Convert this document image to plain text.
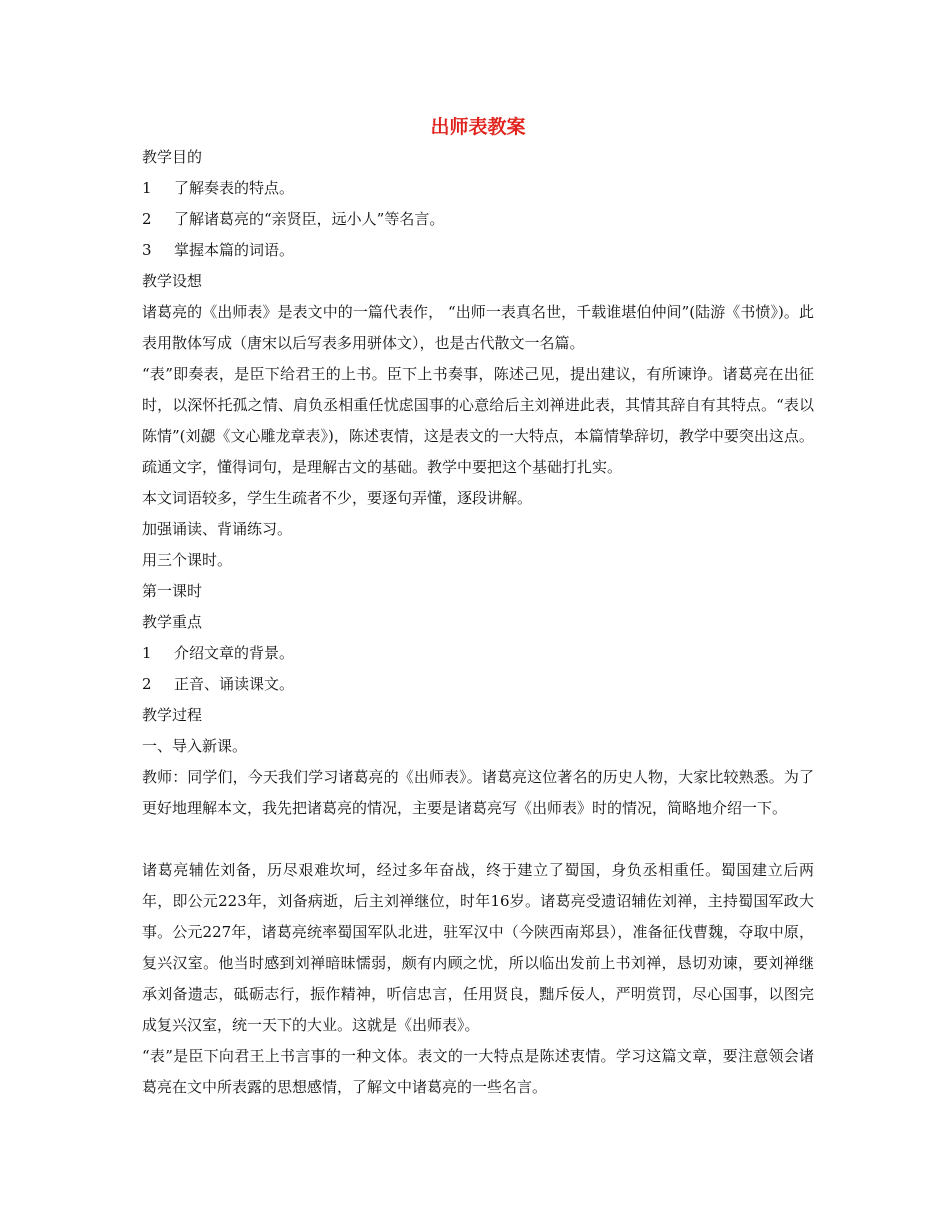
出师表教案
教学目的
1 了解奏表的特点。
2 了解诸葛亮的“亲贤臣，远小人”等名言。
3 掌握本篇的词语。
教学设想

诸葛亮的《出师表》是表文中的一篇代表作， “出师一表真名世，千载谁堪伯仲间”(陆游《书愤》)。此表用散体写成（唐宋以后写表多用骈体文），也是古代散文一名篇。

“表”即奏表，是臣下给君王的上书。臣下上书奏事，陈述己见，提出建议，有所谏诤。诸葛亮在出征时，以深怀托孤之情、肩负丞相重任忧虑国事的心意给后主刘禅进此表，其情其辞自有其特点。“表以陈情”(刘勰《文心雕龙章表》)，陈述衷情，这是表文的一大特点，本篇情挚辞切，教学中要突出这点。

疏通文字，懂得词句，是理解古文的基础。教学中要把这个基础打扎实。

本文词语较多，学生生疏者不少，要逐句弄懂，逐段讲解。

加强诵读、背诵练习。

用三个课时。

第一课时
教学重点
1 介绍文章的背景。
2 正音、诵读课文。
教学过程
一、导入新课。

教师：同学们，今天我们学习诸葛亮的《出师表》。诸葛亮这位著名的历史人物，大家比较熟悉。为了更好地理解本文，我先把诸葛亮的情况，主要是诸葛亮写《出师表》时的情况，简略地介绍一下。

诸葛亮辅佐刘备，历尽艰难坎坷，经过多年奋战，终于建立了蜀国，身负丞相重任。蜀国建立后两年，即公元223年，刘备病逝，后主刘禅继位，时年16岁。诸葛亮受遗诏辅佐刘禅，主持蜀国军政大事。公元227年，诸葛亮统率蜀国军队北进，驻军汉中（今陕西南郑县），准备征伐曹魏，夺取中原，复兴汉室。他当时感到刘禅暗昧懦弱，颇有内顾之忧，所以临出发前上书刘禅，恳切劝谏，要刘禅继承刘备遗志，砥砺志行，振作精神，听信忠言，任用贤良，黜斥佞人，严明赏罚，尽心国事，以图完成复兴汉室，统一天下的大业。这就是《出师表》。

“表”是臣下向君王上书言事的一种文体。表文的一大特点是陈述衷情。学习这篇文章，要注意领会诸葛亮在文中所表露的思想感情，了解文中诸葛亮的一些名言。
